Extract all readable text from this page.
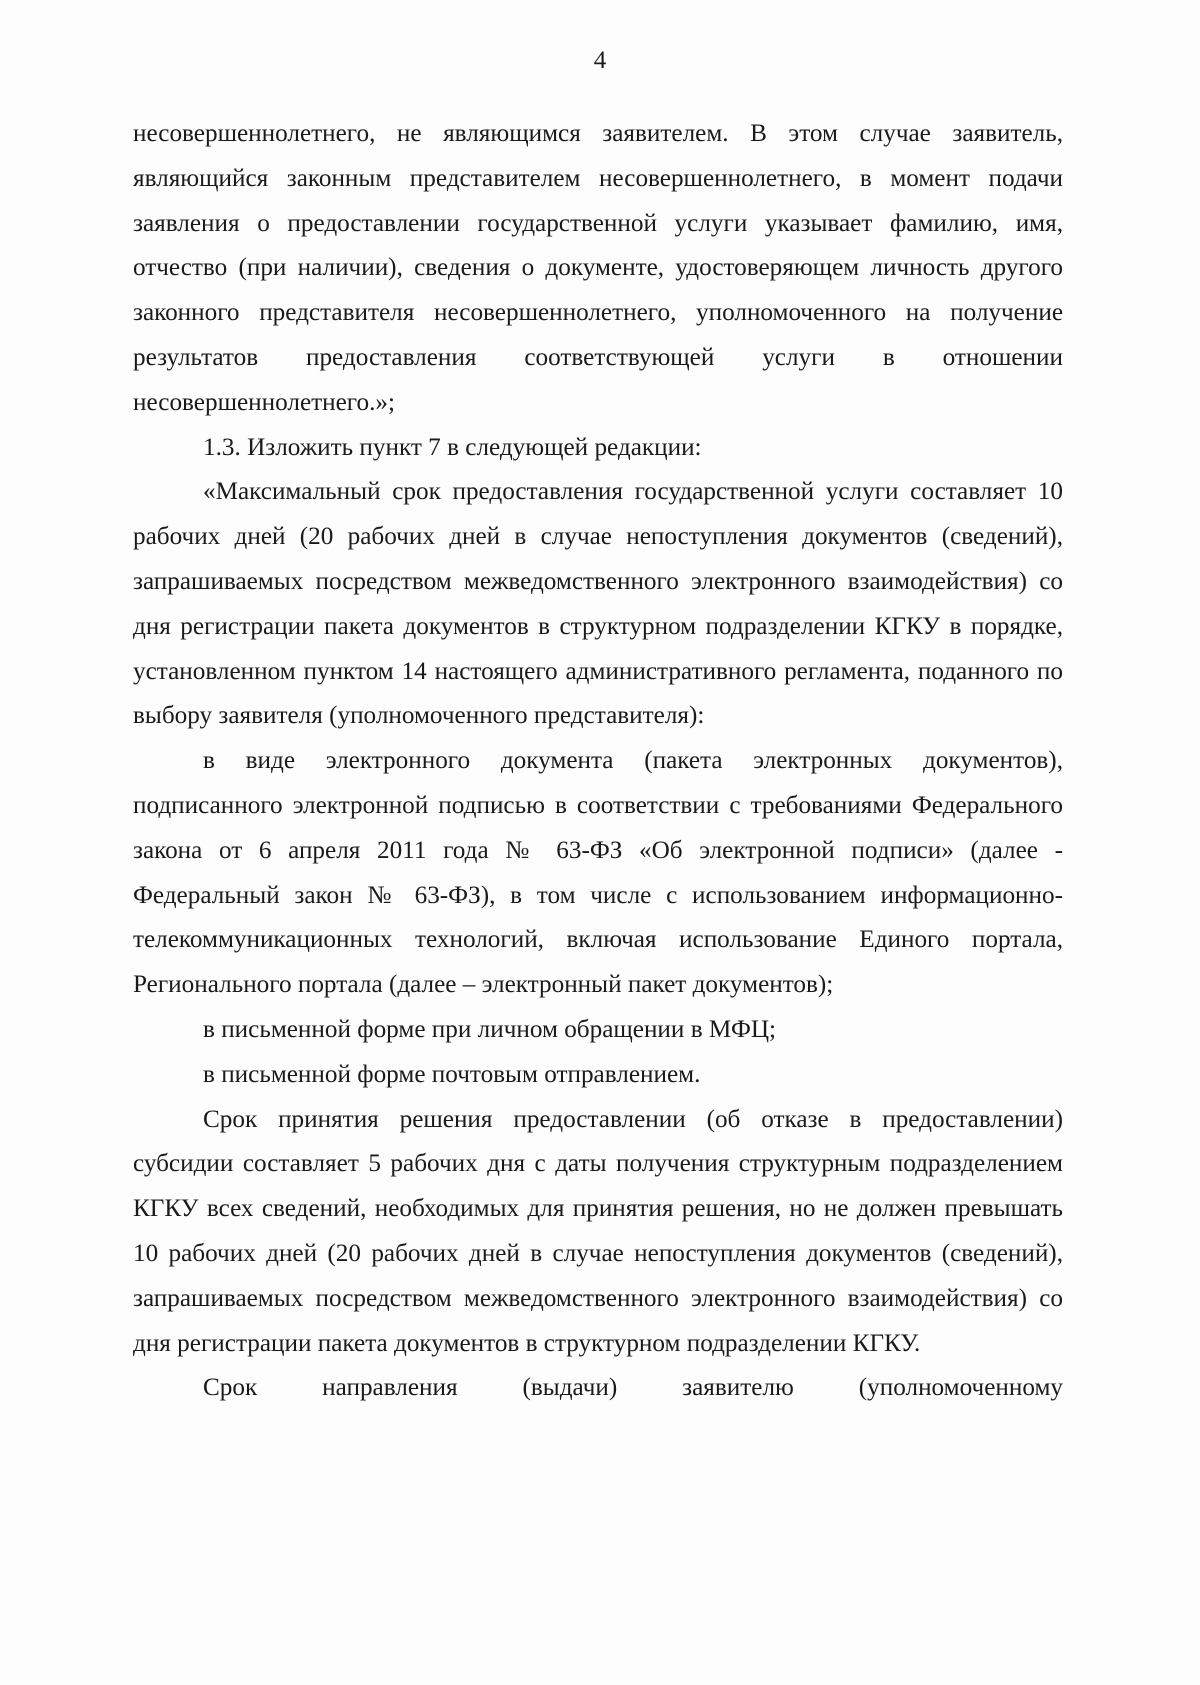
4

несовершеннолетнего, не являющимся заявителем. В этом случае заявитель, являющийся законным представителем несовершеннолетнего, в момент подачи заявления о предоставлении государственной услуги указывает фамилию, имя, отчество (при наличии), сведения о документе, удостоверяющем личность другого законного представителя несовершеннолетнего, уполномоченного на получение результатов предоставления соответствующей услуги в отношении несовершеннолетнего.»;

1.3. Изложить пункт 7 в следующей редакции:

«Максимальный срок предоставления государственной услуги составляет 10 рабочих дней (20 рабочих дней в случае непоступления документов (сведений), запрашиваемых посредством межведомственного электронного взаимодействия) со дня регистрации пакета документов в структурном подразделении КГКУ в порядке, установленном пунктом 14 настоящего административного регламента, поданного по выбору заявителя (уполномоченного представителя):

в виде электронного документа (пакета электронных документов), подписанного электронной подписью в соответствии с требованиями Федерального закона от 6 апреля 2011 года № 63-ФЗ «Об электронной подписи» (далее - Федеральный закон № 63-ФЗ), в том числе с использованием информационно-телекоммуникационных технологий, включая использование Единого портала, Регионального портала (далее – электронный пакет документов);

в письменной форме при личном обращении в МФЦ;

в письменной форме почтовым отправлением.

Срок принятия решения предоставлении (об отказе в предоставлении) субсидии составляет 5 рабочих дня с даты получения структурным подразделением КГКУ всех сведений, необходимых для принятия решения, но не должен превышать 10 рабочих дней (20 рабочих дней в случае непоступления документов (сведений), запрашиваемых посредством межведомственного электронного взаимодействия) со дня регистрации пакета документов в структурном подразделении КГКУ.

Срок направления (выдачи) заявителю (уполномоченному
